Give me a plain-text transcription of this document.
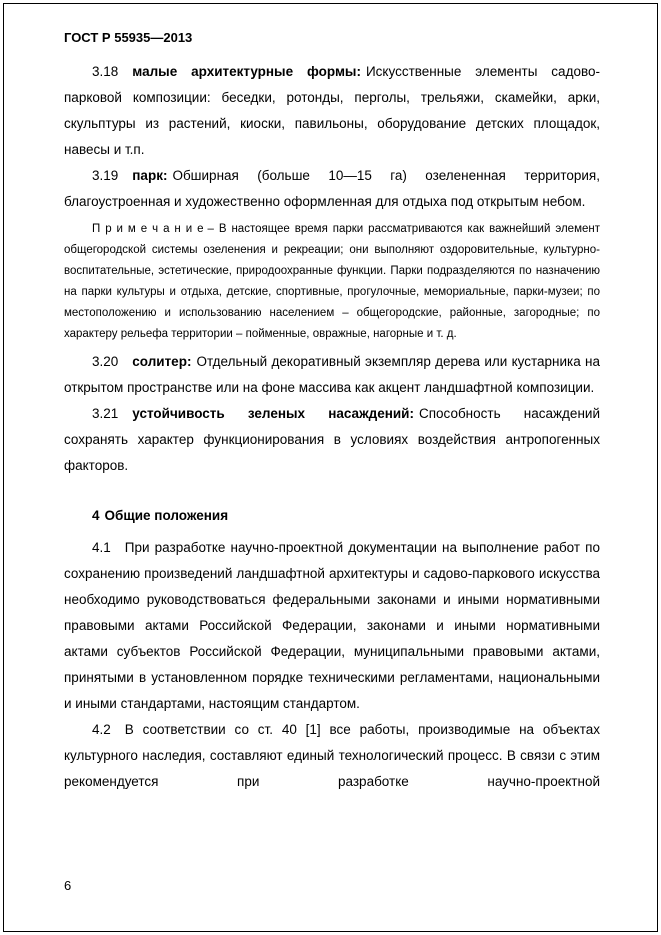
ГОСТ Р 55935—2013

3.18 малые архитектурные формы: Искусственные элементы садово-парковой композиции: беседки, ротонды, перголы, трельяжи, скамейки, арки, скульптуры из растений, киоски, павильоны, оборудование детских площадок, навесы и т.п.

3.19 парк: Обширная (больше 10—15 га) озелененная территория, благоустроенная и художественно оформленная для отдыха под открытым небом.

П р и м е ч а н и е – В настоящее время парки рассматриваются как важнейший элемент общегородской системы озеленения и рекреации; они выполняют оздоровительные, культурно-воспитательные, эстетические, природоохранные функции. Парки подразделяются по назначению на парки культуры и отдыха, детские, спортивные, прогулочные, мемориальные, парки-музеи; по местоположению и использованию населением – общегородские, районные, загородные; по характеру рельефа территории – пойменные, овражные, нагорные и т. д.

3.20 солитер: Отдельный декоративный экземпляр дерева или кустарника на открытом пространстве или на фоне массива как акцент ландшафтной композиции.

3.21 устойчивость зеленых насаждений: Способность насаждений сохранять характер функционирования в условиях воздействия антропогенных факторов.

4 Общие положения

4.1 При разработке научно-проектной документации на выполнение работ по сохранению произведений ландшафтной архитектуры и садово-паркового искусства необходимо руководствоваться федеральными законами и иными нормативными правовыми актами Российской Федерации, законами и иными нормативными актами субъектов Российской Федерации, муниципальными правовыми актами, принятыми в установленном порядке техническими регламентами, национальными и иными стандартами, настоящим стандартом.

4.2 В соответствии со ст. 40 [1] все работы, производимые на объектах культурного наследия, составляют единый технологический процесс. В связи с этим рекомендуется при разработке научно-проектной

6
